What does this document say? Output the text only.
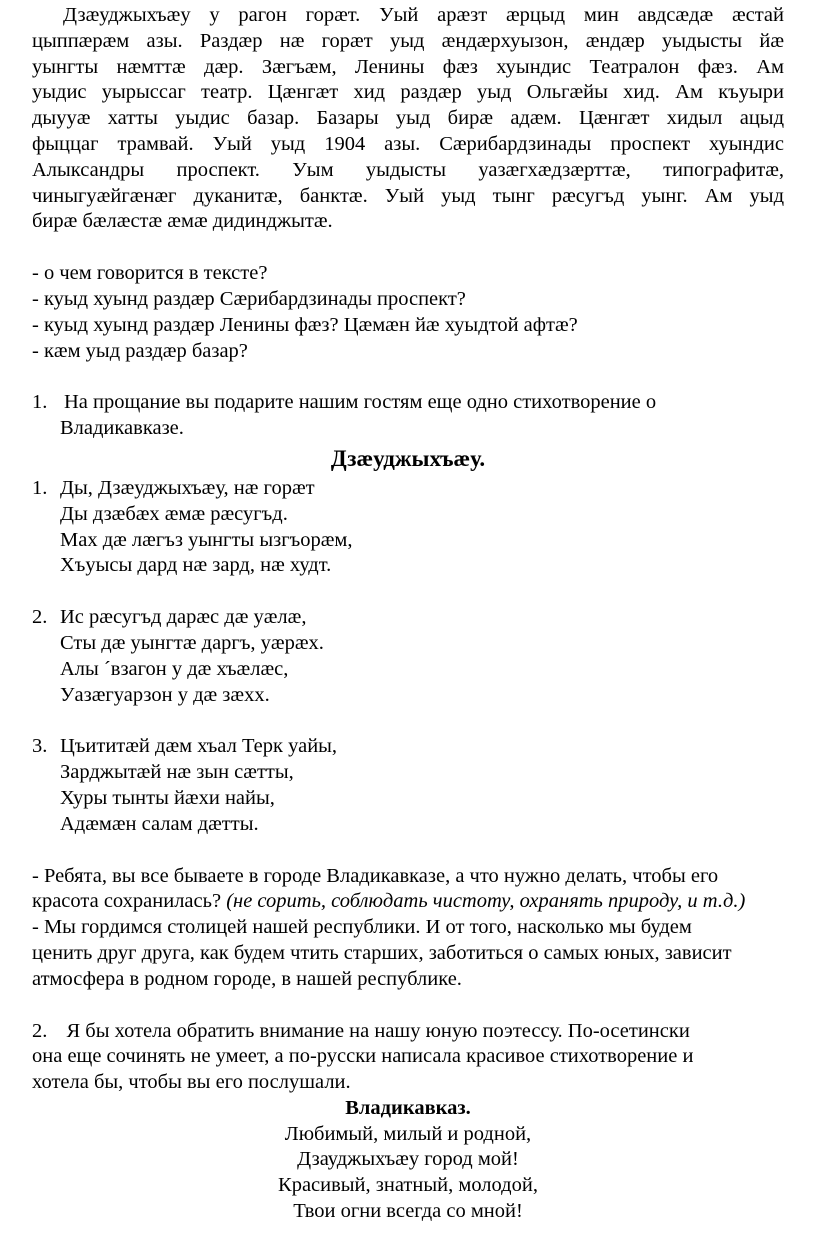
Дзæуджыхъæу у рагон горæт. Уый арæзт æрцыд мин авдсæдæ æстай
цыппæрæм азы. Раздæр нæ горæт уыд æндæрхуызон, æндæр уыдысты йæ
уынгты нæмттæ дæр. Зæгъæм, Ленины фæз хуындис Театралон фæз. Ам
уыдис уырыссаг театр. Цæнгæт хид раздæр уыд Ольгæйы хид. Ам къуыри
дыууæ хатты уыдис базар. Базары уыд бирæ адæм. Цæнгæт хидыл ацыд
фыццаг трамвай. Уый уыд 1904 азы. Сæрибардзинады проспект хуындис
Алыксандры проспект. Уым уыдысты уазæгхæдзæрттæ, типографитæ,
чиныгуæйгæнæг дуканитæ, банктæ. Уый уыд тынг рæсугъд уынг. Ам уыд
бирæ бæлæстæ æмæ дидинджытæ.

- о чем говорится в тексте?

- куыд хуынд раздæр Сæрибардзинады проспект?

- куыд хуынд раздæр Ленины фæз? Цæмæн йæ хуыдтой афтæ?

- кæм уыд раздæр базар?

1. На прощание вы подарите нашим гостям еще одно стихотворение о
Владикавказе.
Дзæуджыхъæу.
1. Ды, Дзæуджыхъæу, нæ горæт
Ды дзæбæх æмæ рæсугъд.
Мах дæ лæгъз уынгты ызгъорæм,
Хъуысы дард нæ зард, нæ худт.
2. Ис рæсугъд дарæс дæ уæлæ,
Сты дæ уынгтæ даргъ, уæрæх.
Алы ´взагон у дæ хъæлæс,
Уазæгуарзон у дæ зæхх.
3. Цъититæй дæм хъал Терк уайы,
Зарджытæй нæ зын сæтты,
Хуры тынты йæхи найы,
Адæмæн салам дæтты.
- Ребята, вы все бываете в городе Владикавказе, а что нужно делать, чтобы его
красота сохранилась? (не сорить, соблюдать чистоту, охранять природу, и т.д.)
- Мы гордимся столицей нашей республики. И от того, насколько мы будем
ценить друг друга, как будем чтить старших, заботиться о самых юных, зависит
атмосфера в родном городе, в нашей республике.
2. Я бы хотела обратить внимание на нашу юную поэтессу. По-осетински
она еще сочинять не умеет, а по-русски написала красивое стихотворение и
хотела бы, чтобы вы его послушали.
Владикавказ.
Любимый, милый и родной,
Дзауджыхъæу город мой!
Красивый, знатный, молодой,
Твои огни всегда со мной!
